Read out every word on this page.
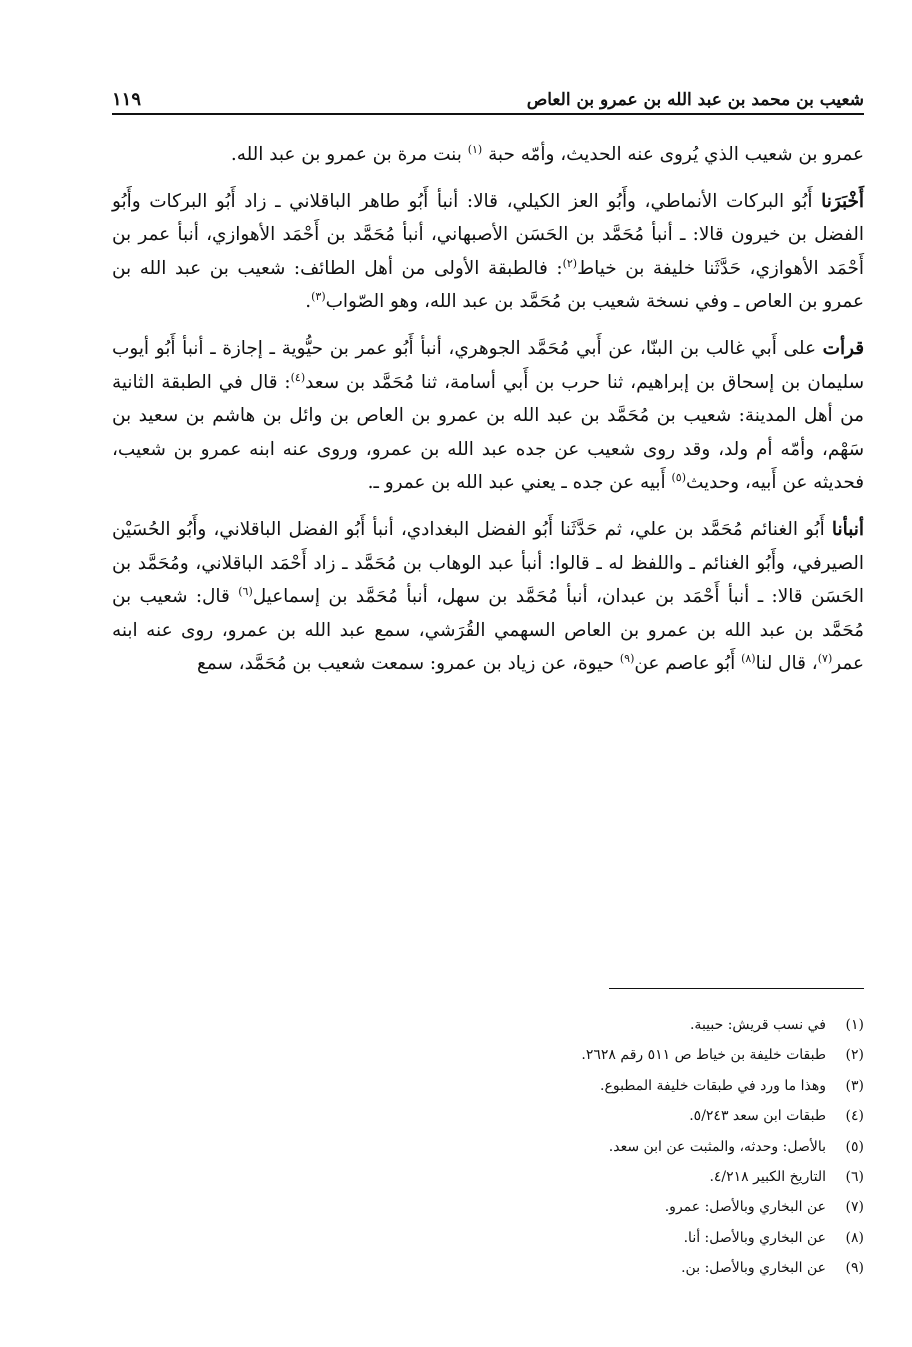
شعيب بن محمد بن عبد الله بن عمرو بن العاص
١١٩

عمرو بن شعيب الذي يُروى عنه الحديث، وأمّه حبة $^{(١)}$ بنت مرة بن عمرو بن عبد الله.

أَخْبَرَنا أَبُو البركات الأنماطي، وأَبُو العز الكيلي، قالا: أنبأ أَبُو طاهر الباقلاني ـ زاد أَبُو البركات وأَبُو الفضل بن خيرون قالا: ـ أنبأ مُحَمَّد بن الحَسَن الأصبهاني، أنبأ مُحَمَّد بن أَحْمَد الأهوازي، أنبأ عمر بن أَحْمَد الأهوازي، حَدَّثَنا خليفة بن خياط$^{(٢)}$: فالطبقة الأولى من أهل الطائف: شعيب بن عبد الله بن عمرو بن العاص ـ وفي نسخة شعيب بن مُحَمَّد بن عبد الله، وهو الصّواب$^{(٣)}$.

قرأت على أَبي غالب بن البنّا، عن أَبي مُحَمَّد الجوهري، أنبأ أَبُو عمر بن حيُّوية ـ إجازة ـ أنبأ أَبُو أيوب سليمان بن إسحاق بن إبراهيم، ثنا حرب بن أَبي أسامة، ثنا مُحَمَّد بن سعد$^{(٤)}$: قال في الطبقة الثانية من أهل المدينة: شعيب بن مُحَمَّد بن عبد الله بن عمرو بن العاص بن وائل بن هاشم بن سعيد بن سَهْم، وأمّه أم ولد، وقد روى شعيب عن جده عبد الله بن عمرو، وروى عنه ابنه عمرو بن شعيب، فحديثه عن أَبيه، وحديث$^{(٥)}$ أَبيه عن جده ـ يعني عبد الله بن عمرو ـ.

أنبأنا أَبُو الغنائم مُحَمَّد بن علي، ثم حَدَّثَنا أَبُو الفضل البغدادي، أنبأ أَبُو الفضل الباقلاني، وأَبُو الحُسَيْن الصيرفي، وأَبُو الغنائم ـ واللفظ له ـ قالوا: أنبأ عبد الوهاب بن مُحَمَّد ـ زاد أَحْمَد الباقلاني، ومُحَمَّد بن الحَسَن قالا: ـ أنبأ أَحْمَد بن عبدان، أنبأ مُحَمَّد بن سهل، أنبأ مُحَمَّد بن إسماعيل$^{(٦)}$ قال: شعيب بن مُحَمَّد بن عبد الله بن عمرو بن العاص السهمي القُرَشي، سمع عبد الله بن عمرو، روى عنه ابنه عمر$^{(٧)}$، قال لنا$^{(٨)}$ أَبُو عاصم عن$^{(٩)}$ حيوة، عن زياد بن عمرو: سمعت شعيب بن مُحَمَّد، سمع

(١)في نسب قريش: حبيبة.
(٢)طبقات خليفة بن خياط ص ٥١١ رقم ٢٦٢٨.
(٣)وهذا ما ورد في طبقات خليفة المطبوع.
(٤)طبقات ابن سعد ٥/٢٤٣.
(٥)بالأصل: وحدثه، والمثبت عن ابن سعد.
(٦)التاريخ الكبير ٤/٢١٨.
(٧)عن البخاري وبالأصل: عمرو.
(٨)عن البخاري وبالأصل: أنا.
(٩)عن البخاري وبالأصل: بن.
